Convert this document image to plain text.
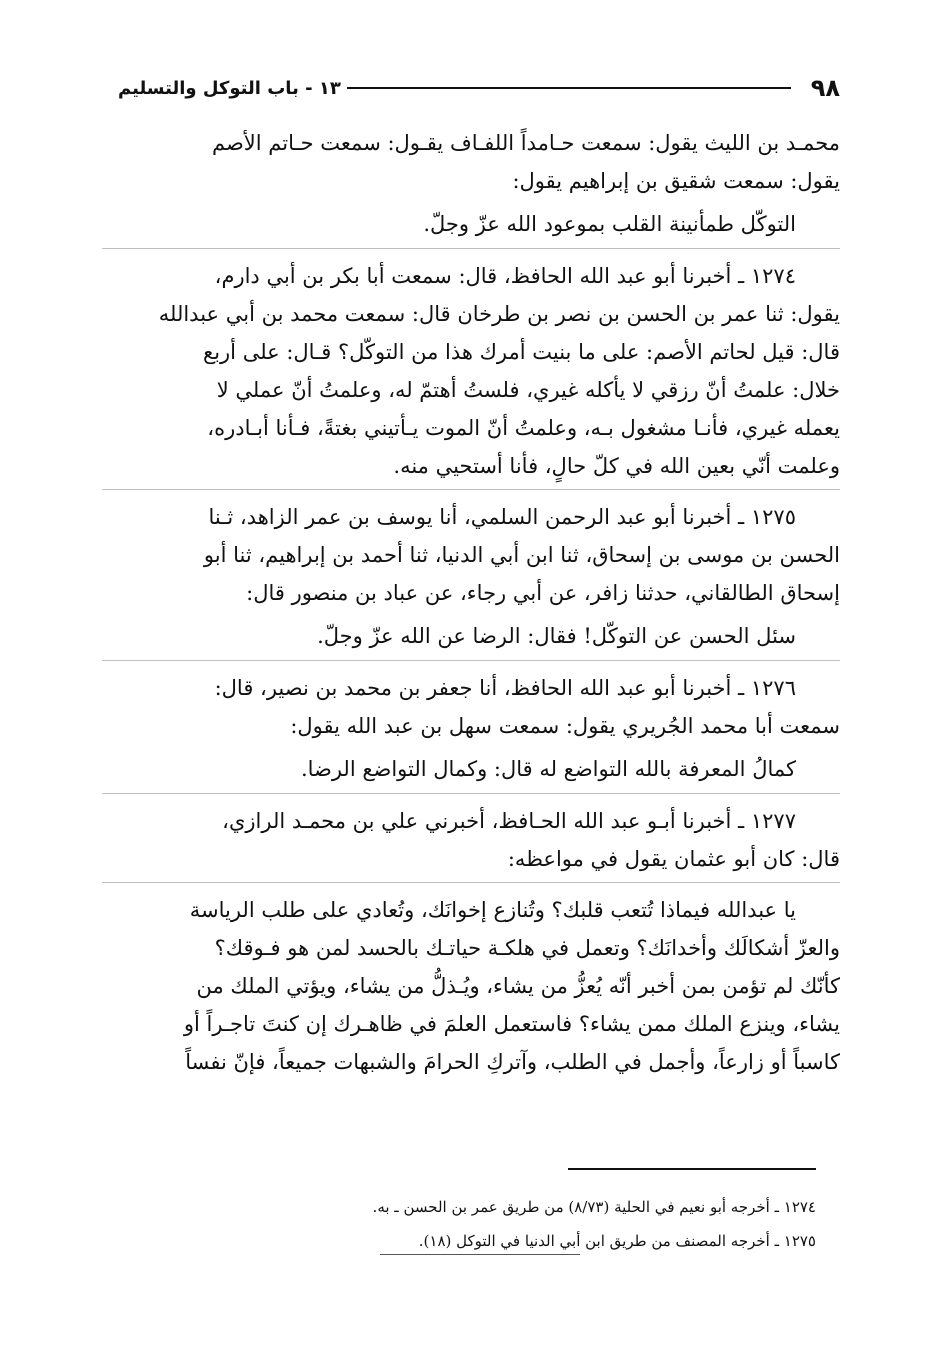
٩٨
١٣ - باب التوكل والتسليم

محمـد بن الليث يقول: سمعت حـامداً اللفـاف يقـول: سمعت حـاتم الأصم

يقول: سمعت شقيق بن إبراهيم يقول:

التوكّل طمأنينة القلب بموعود الله عزّ وجلّ.

١٢٧٤ ـ أخبرنا أبو عبد الله الحافظ، قال: سمعت أبا بكر بن أبي دارم،

يقول: ثنا عمر بن الحسن بن نصر بن طرخان قال: سمعت محمد بن أبي عبدالله

قال: قيل لحاتم الأصم: على ما بنيت أمرك هذا من التوكّل؟ قـال: على أربع

خلال: علمتُ أنّ رزقي لا يأكله غيري، فلستُ أهتمّ له، وعلمتُ أنّ عملي لا

يعمله غيري، فأنـا مشغول بـه، وعلمتُ أنّ الموت يـأتيني بغتةً، فـأنا أبـادره،

وعلمت أنّي بعين الله في كلّ حالٍ، فأنا أستحيي منه.

١٢٧٥ ـ أخبرنا أبو عبد الرحمن السلمي، أنا يوسف بن عمر الزاهد، ثـنا

الحسن بن موسى بن إسحاق، ثنا ابن أبي الدنيا، ثنا أحمد بن إبراهيم، ثنا أبو

إسحاق الطالقاني، حدثنا زافر، عن أبي رجاء، عن عباد بن منصور قال:

سئل الحسن عن التوكّل! فقال: الرضا عن الله عزّ وجلّ.

١٢٧٦ ـ أخبرنا أبو عبد الله الحافظ، أنا جعفر بن محمد بن نصير، قال:

سمعت أبا محمد الجُريري يقول: سمعت سهل بن عبد الله يقول:

كمالُ المعرفة بالله التواضع له قال: وكمال التواضع الرضا.

١٢٧٧ ـ أخبرنا أبـو عبد الله الحـافظ، أخبرني علي بن محمـد الرازي،

قال: كان أبو عثمان يقول في مواعظه:

يا عبدالله فيماذا تُتعب قلبك؟ وتُنازع إخوانَك، وتُعادي على طلب الرياسة

والعزّ أشكالَك وأخدانَك؟ وتعمل في هلكـة حياتـك بالحسد لمن هو فـوقك؟

كأنّك لم تؤمن بمن أخبر أنّه يُعزُّ من يشاء، ويُـذلُّ من يشاء، ويؤتي الملك من

يشاء، وينزع الملك ممن يشاء؟ فاستعمل العلمَ في ظاهـرك إن كنتَ تاجـراً أو

كاسباً أو زارعاً، وأجمل في الطلب، وآتركِ الحرامَ والشبهات جميعاً، فإنّ نفساً

١٢٧٤ ـ أخرجه أبو نعيم في الحلية (٨/٧٣) من طريق عمر بن الحسن ـ به.

١٢٧٥ ـ أخرجه المصنف من طريق ابن أبي الدنيا في التوكل (١٨).
